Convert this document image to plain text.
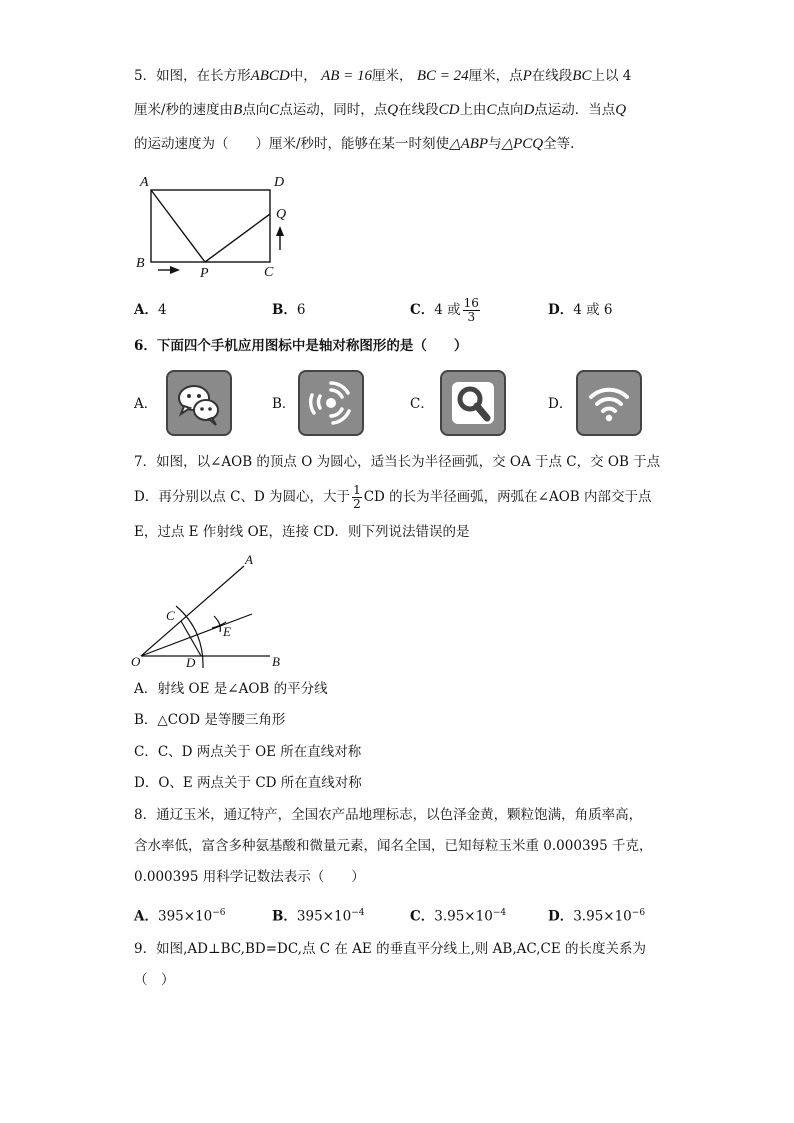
5．如图，在长方形ABCD中， AB = 16厘米， BC = 24厘米，点P在线段BC上以 4
厘米/秒的速度由B点向C点运动，同时，点Q在线段CD上由C点向D点运动．当点Q
的运动速度为（　　）厘米/秒时，能够在某一时刻使△ABP与△PCQ全等.
A
B
C
D
P
Q
A．4	B．6	C．4 或 $\frac{16}{3}$	D．4 或 6
6．下面四个手机应用图标中是轴对称图形的是（　　）
A．	B．	C．	D．
7．如图，以∠AOB 的顶点 O 为圆心，适当长为半径画弧，交 OA 于点 C，交 OB 于点
D．再分别以点 C、D 为圆心，大于 $\frac{1}{2}$ CD 的长为半径画弧，两弧在∠AOB 内部交于点
E，过点 E 作射线 OE，连接 CD．则下列说法错误的是
A
B
C
D
E
O
A．射线 OE 是∠AOB 的平分线
B．△COD 是等腰三角形
C．C、D 两点关于 OE 所在直线对称
D．O、E 两点关于 CD 所在直线对称
8．通辽玉米，通辽特产，全国农产品地理标志，以色泽金黄，颗粒饱满，角质率高，
含水率低，富含多种氨基酸和微量元素，闻名全国，已知每粒玉米重 0.000395 千克，
0.000395 用科学记数法表示（　　）
A．$395\times 10^{-6}$	B．$395\times 10^{-4}$	C．$3.95\times 10^{-4}$	D．$3.95\times 10^{-6}$
9．如图,AD⊥BC,BD=DC,点 C 在 AE 的垂直平分线上,则 AB,AC,CE 的长度关系为
（　）
